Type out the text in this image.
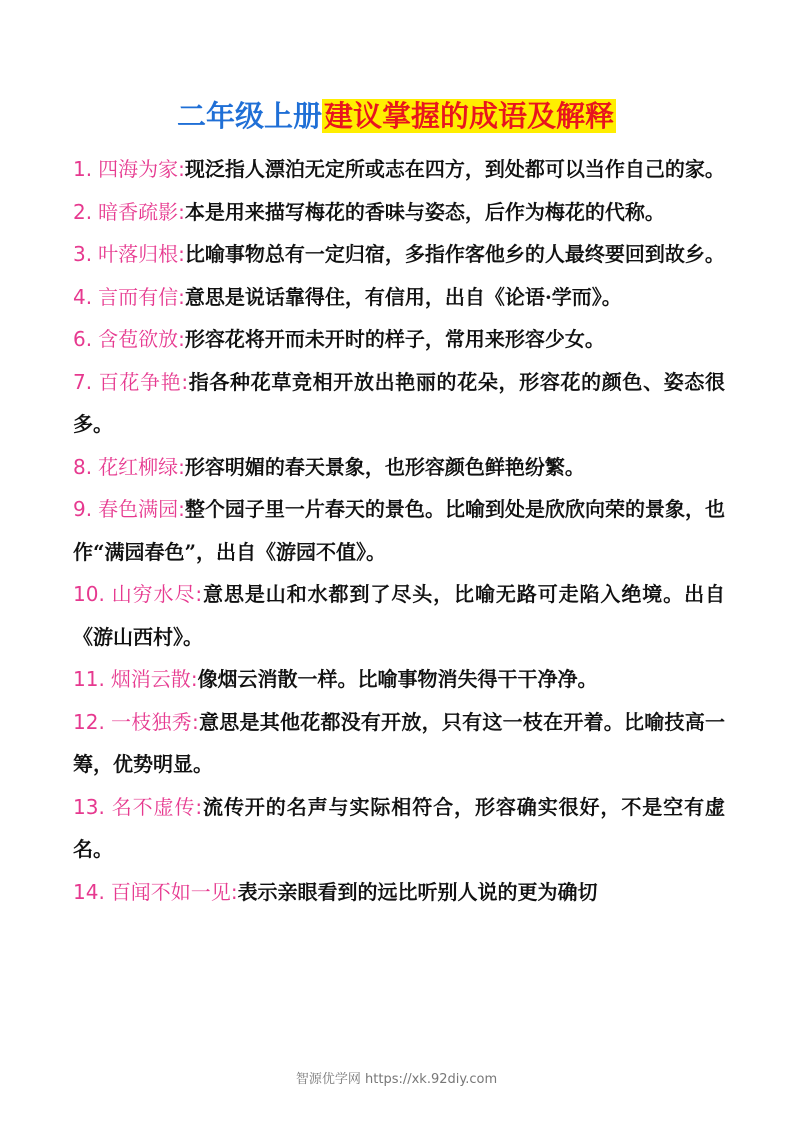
二年级上册建议掌握的成语及解释

1. 四海为家:现泛指人漂泊无定所或志在四方，到处都可以当作自己的家。

2. 暗香疏影:本是用来描写梅花的香味与姿态，后作为梅花的代称。

3. 叶落归根:比喻事物总有一定归宿，多指作客他乡的人最终要回到故乡。

4. 言而有信:意思是说话靠得住，有信用，出自《论语·学而》。

6. 含苞欲放:形容花将开而未开时的样子，常用来形容少女。

7. 百花争艳:指各种花草竞相开放出艳丽的花朵，形容花的颜色、姿态很多。

8. 花红柳绿:形容明媚的春天景象，也形容颜色鲜艳纷繁。

9. 春色满园:整个园子里一片春天的景色。比喻到处是欣欣向荣的景象，也作“满园春色”，出自《游园不值》。

10. 山穷水尽:意思是山和水都到了尽头，比喻无路可走陷入绝境。出自《游山西村》。

11. 烟消云散:像烟云消散一样。比喻事物消失得干干净净。

12. 一枝独秀:意思是其他花都没有开放，只有这一枝在开着。比喻技高一筹，优势明显。

13. 名不虚传:流传开的名声与实际相符合，形容确实很好，不是空有虚名。

14. 百闻不如一见:表示亲眼看到的远比听别人说的更为确切

智源优学网 https://xk.92diy.com
